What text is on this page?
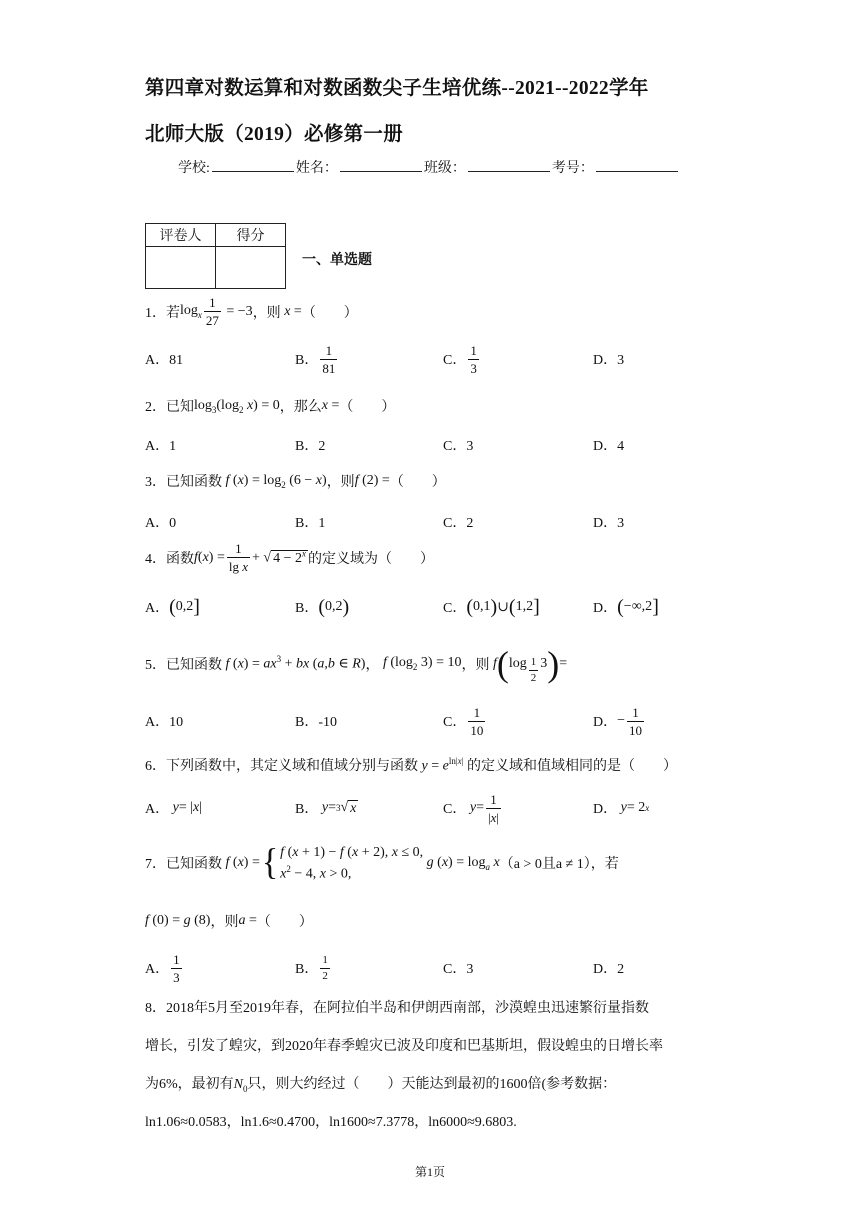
第四章对数运算和对数函数尖子生培优练--2021--2022学年
北师大版（2019）必修第一册
学校:	姓名：	班级：	考号：
评卷人	得分

一、单选题
1．若 $\log_x \frac{1}{27} = -3$ ，则 x = （　　）
A．81	B． $\frac{1}{81}$	C． $\frac{1}{3}$	D．3
2．已知 $\log_3(\log_2$ x) = 0 ，那么 x = （　　）
A．1	B．2	C．3	D．4
3．已知函数 f $(x) = \log_2 (6 - x)$ ，则 f (2) = （　　）
A．0	B．1	C．2	D．3
4．函数 $f(x) = \frac{1}{\text{lg x}}$ + √ $4 - 2^x$ 的定义域为（　　）
A． ( 0,2 ]	B． ( 0,2 )	C． ( 0,1 ) ∪ ( 1,2 ]	D． ( −∞,2 ]
5．已知函数 f $(x) = ax^3$ + bx (a,b ∈ R) ， f ($\log_2$ 3) = 10 ，则 f ( $\log \frac{1}{2} 3$ ) =
A．10	B．-10	C． $\frac{1}{10}$	D． − $\frac{1}{10}$
6．下列函数中，其定义域和值域分别与函数 $y = e^{ln|x|}$ 的定义域和值域相同的是（　　）
A．
y = | x |	B．
y = 3 √ x	C．
$y = \frac{1}{|x|}$	D．
y = 2 x
7．已知函数 f (x) = { f (x + 1) − f (x + 2), x ≤ 0,
$x^2 - 4$, x > 0,
g $(x) = \log_a x$ （a > 0且a ≠ 1），若
f (0) = g (8) ，则 a = （　　）
A． $\frac{1}{3}$	B． $\frac{1}{2}$	C．3	D．2
8．2018年5月至2019年春，在阿拉伯半岛和伊朗西南部，沙漠蝗虫迅速繁衍量指数
增长，引发了蝗灾，到2020年春季蝗灾已波及印度和巴基斯坦，假设蝗虫的日增长率
为6%，最初有$N_0$只，则大约经过（　　）天能达到最初的1600倍(参考数据：
ln1.06≈0.0583，ln1.6≈0.4700，ln1600≈7.3778，ln6000≈9.6803.
第1页
